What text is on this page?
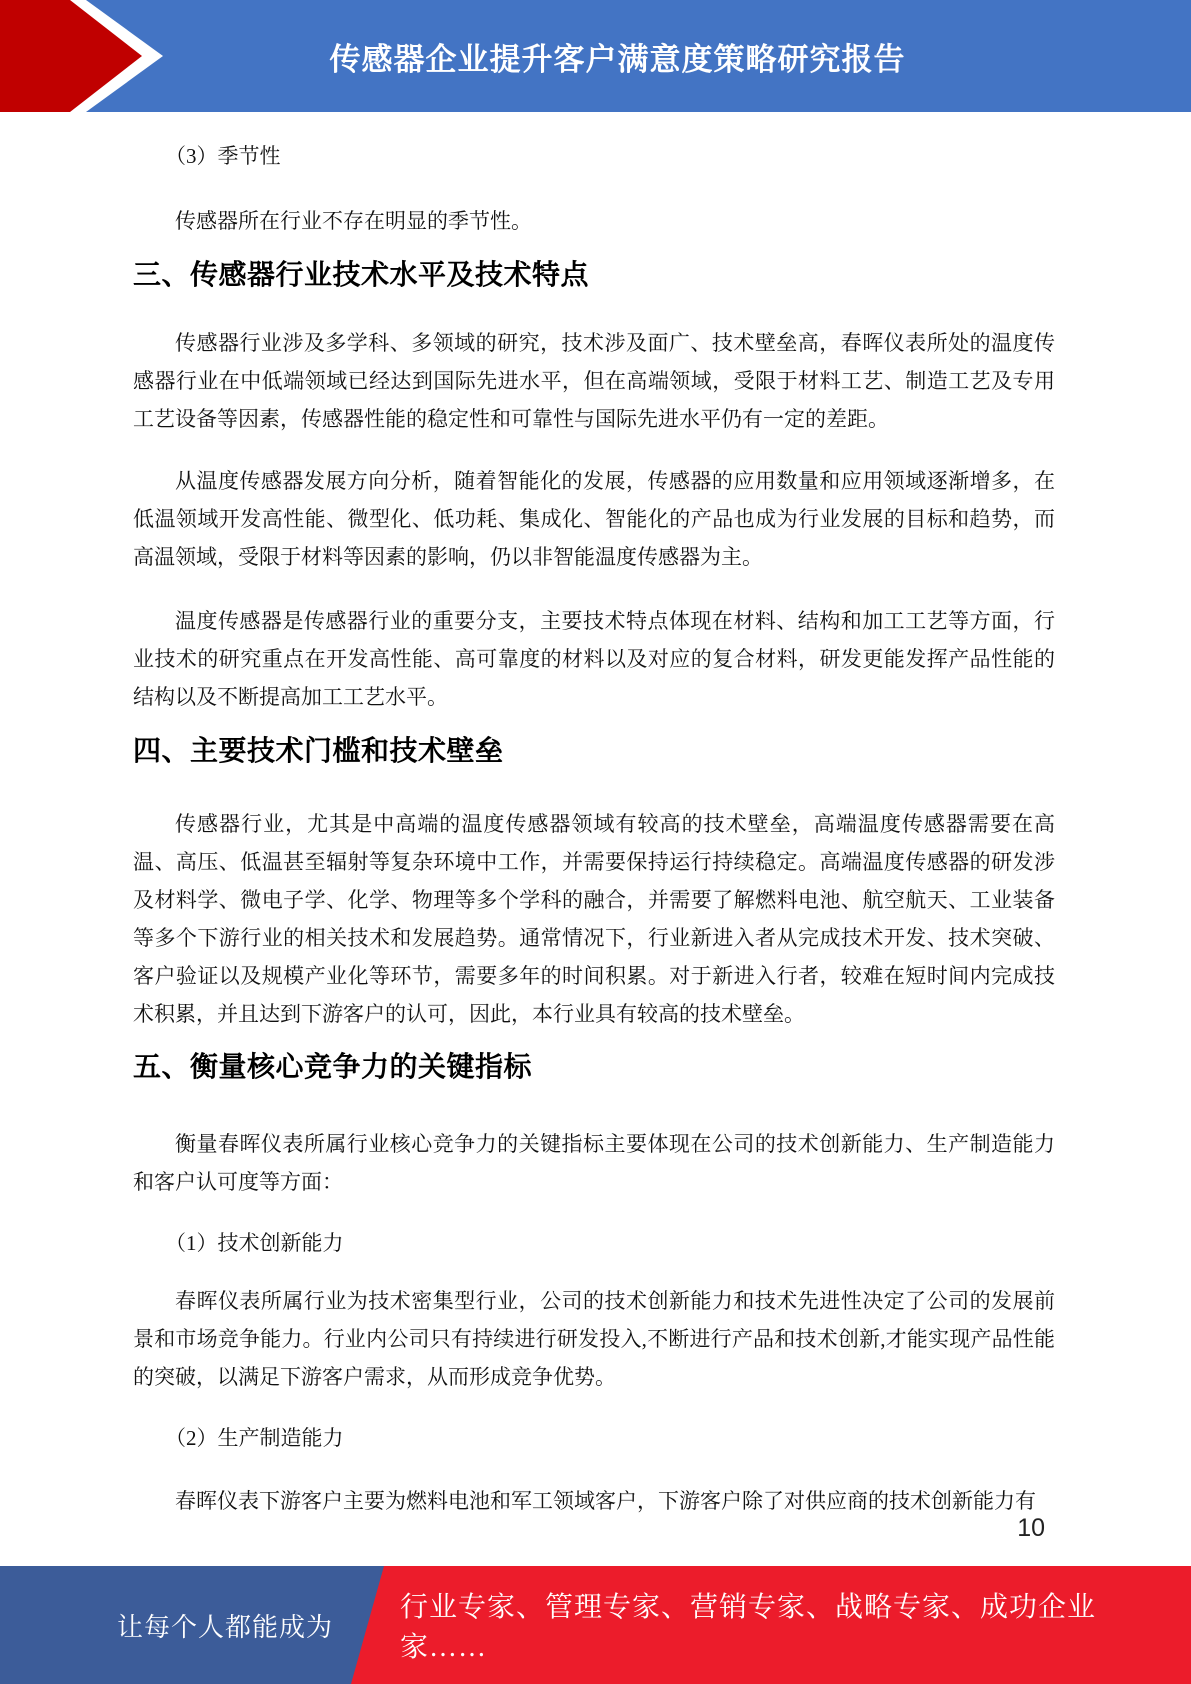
传感器企业提升客户满意度策略研究报告

（3）季节性

传感器所在行业不存在明显的季节性。

三、传感器行业技术水平及技术特点

传感器行业涉及多学科、多领域的研究，技术涉及面广、技术壁垒高，春晖仪表所处的温度传感器行业在中低端领域已经达到国际先进水平，但在高端领域，受限于材料工艺、制造工艺及专用工艺设备等因素，传感器性能的稳定性和可靠性与国际先进水平仍有一定的差距。

从温度传感器发展方向分析，随着智能化的发展，传感器的应用数量和应用领域逐渐增多，在低温领域开发高性能、微型化、低功耗、集成化、智能化的产品也成为行业发展的目标和趋势，而高温领域，受限于材料等因素的影响，仍以非智能温度传感器为主。

温度传感器是传感器行业的重要分支，主要技术特点体现在材料、结构和加工工艺等方面，行业技术的研究重点在开发高性能、高可靠度的材料以及对应的复合材料，研发更能发挥产品性能的结构以及不断提高加工工艺水平。

四、主要技术门槛和技术壁垒

传感器行业，尤其是中高端的温度传感器领域有较高的技术壁垒，高端温度传感器需要在高温、高压、低温甚至辐射等复杂环境中工作，并需要保持运行持续稳定。高端温度传感器的研发涉及材料学、微电子学、化学、物理等多个学科的融合，并需要了解燃料电池、航空航天、工业装备等多个下游行业的相关技术和发展趋势。通常情况下，行业新进入者从完成技术开发、技术突破、客户验证以及规模产业化等环节，需要多年的时间积累。对于新进入行者，较难在短时间内完成技术积累，并且达到下游客户的认可，因此，本行业具有较高的技术壁垒。

五、衡量核心竞争力的关键指标

衡量春晖仪表所属行业核心竞争力的关键指标主要体现在公司的技术创新能力、生产制造能力和客户认可度等方面：

（1）技术创新能力

春晖仪表所属行业为技术密集型行业，公司的技术创新能力和技术先进性决定了公司的发展前景和市场竞争能力。行业内公司只有持续进行研发投入,不断进行产品和技术创新,才能实现产品性能的突破，以满足下游客户需求，从而形成竞争优势。

（2）生产制造能力

春晖仪表下游客户主要为燃料电池和军工领域客户，下游客户除了对供应商的技术创新能力有

10
让每个人都能成为
行业专家、管理专家、营销专家、战略专家、成功企业家……
